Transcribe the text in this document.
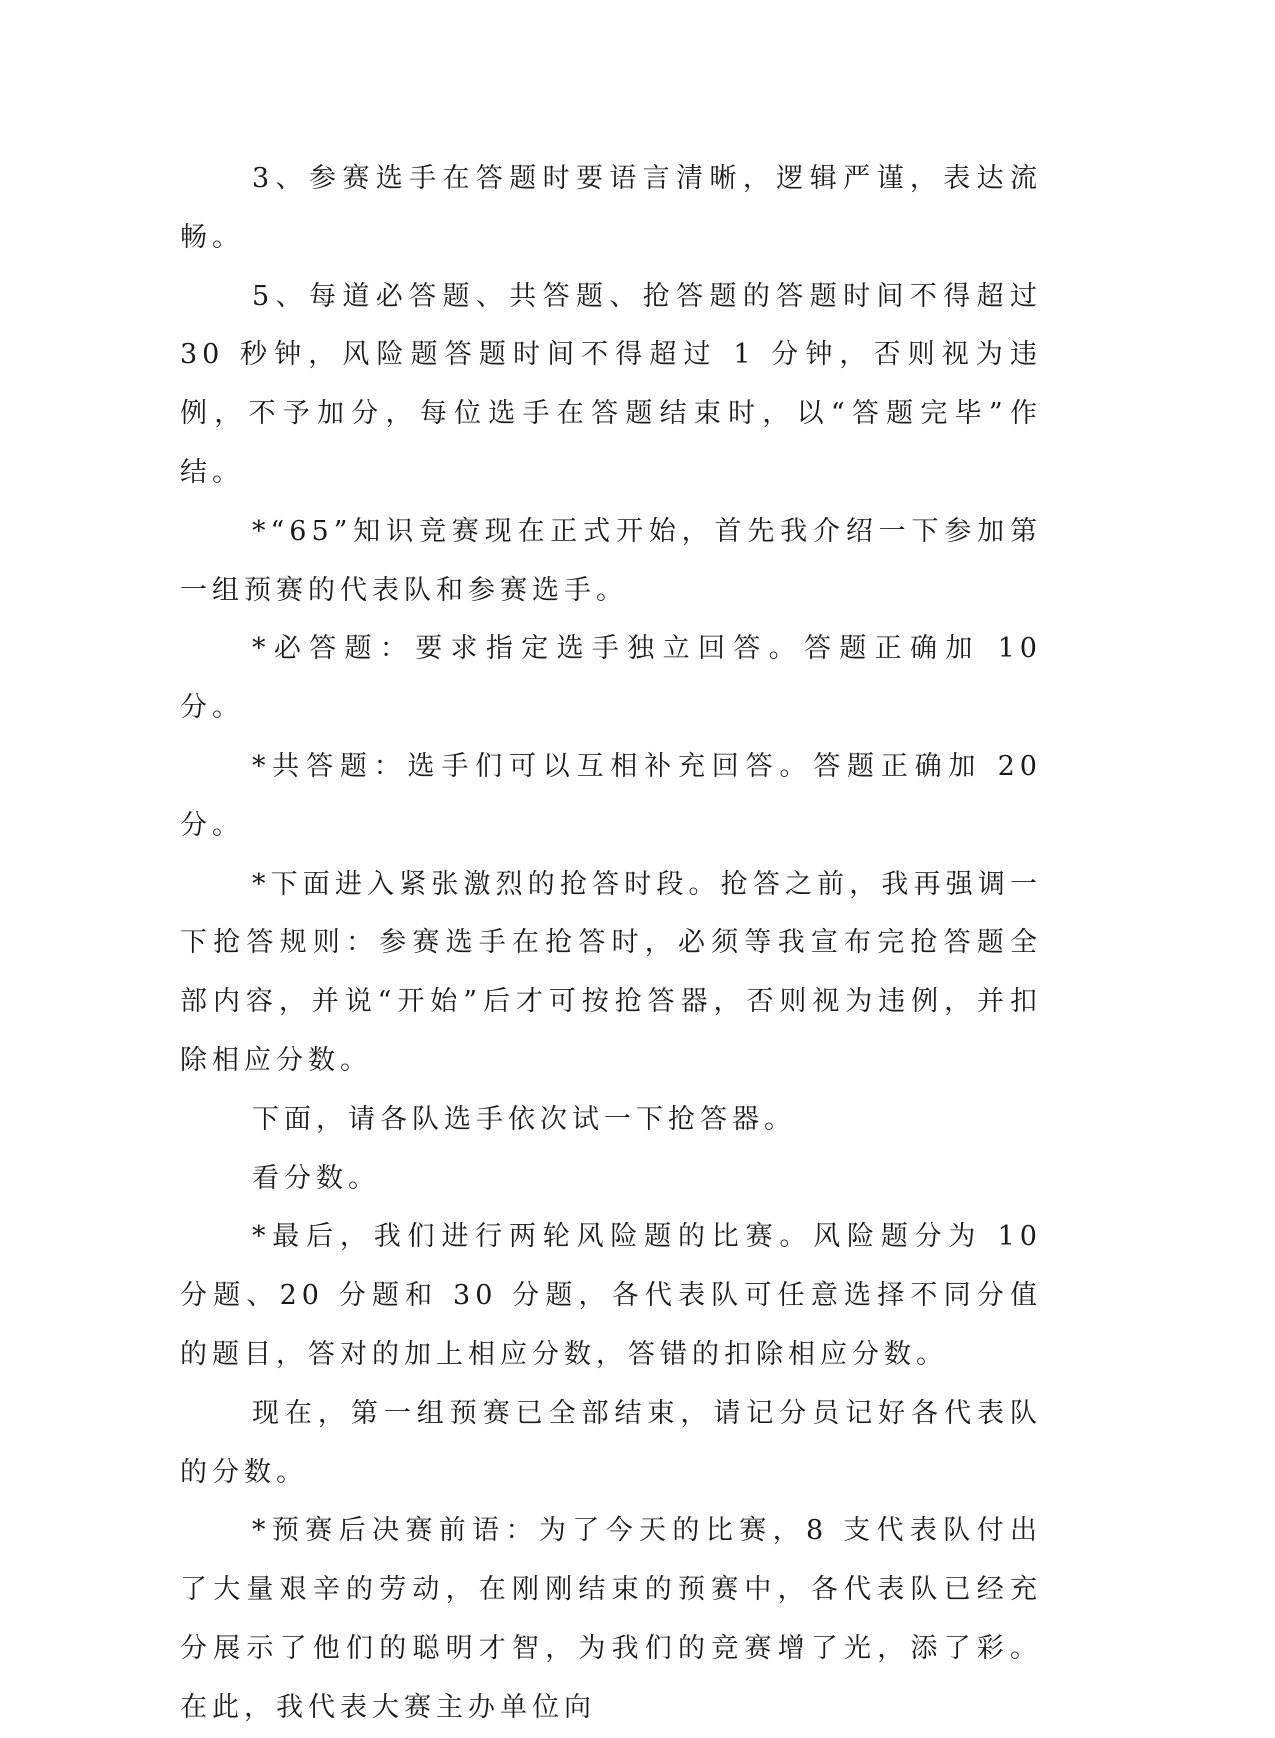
3、参赛选手在答题时要语言清晰，逻辑严谨，表达流畅。

5、每道必答题、共答题、抢答题的答题时间不得超过 30 秒钟，风险题答题时间不得超过 1 分钟，否则视为违例，不予加分，每位选手在答题结束时，以“答题完毕”作结。

*“65”知识竞赛现在正式开始，首先我介绍一下参加第一组预赛的代表队和参赛选手。

*必答题：要求指定选手独立回答。答题正确加 10 分。

*共答题：选手们可以互相补充回答。答题正确加 20 分。

*下面进入紧张激烈的抢答时段。抢答之前，我再强调一下抢答规则：参赛选手在抢答时，必须等我宣布完抢答题全部内容，并说“开始”后才可按抢答器，否则视为违例，并扣除相应分数。

下面，请各队选手依次试一下抢答器。

看分数。

*最后，我们进行两轮风险题的比赛。风险题分为 10 分题、20 分题和 30 分题，各代表队可任意选择不同分值的题目，答对的加上相应分数，答错的扣除相应分数。

现在，第一组预赛已全部结束，请记分员记好各代表队的分数。

*预赛后决赛前语：为了今天的比赛，8 支代表队付出了大量艰辛的劳动，在刚刚结束的预赛中，各代表队已经充分展示了他们的聪明才智，为我们的竞赛增了光，添了彩。在此，我代表大赛主办单位向
